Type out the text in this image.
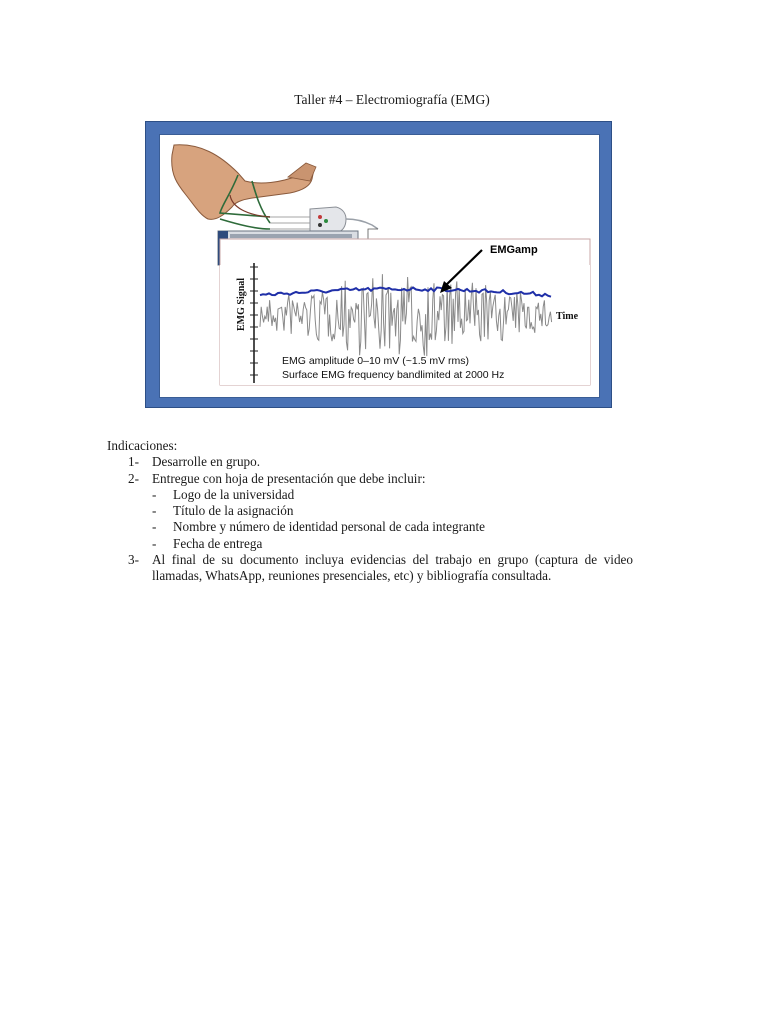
Taller #4 – Electromiografía (EMG)
EMG Signal	Time
EMGamp
EMG amplitude 0–10 mV (~1.5 mV rms)
Surface EMG frequency bandlimited at 2000 Hz
Indicaciones:
1- Desarrolle en grupo.
2- Entregue con hoja de presentación que debe incluir:
- Logo de la universidad
- Título de la asignación
- Nombre y número de identidad personal de cada integrante
- Fecha de entrega
3- Al final de su documento incluya evidencias del trabajo en grupo (captura de video
llamadas, WhatsApp, reuniones presenciales, etc) y bibliografía consultada.
